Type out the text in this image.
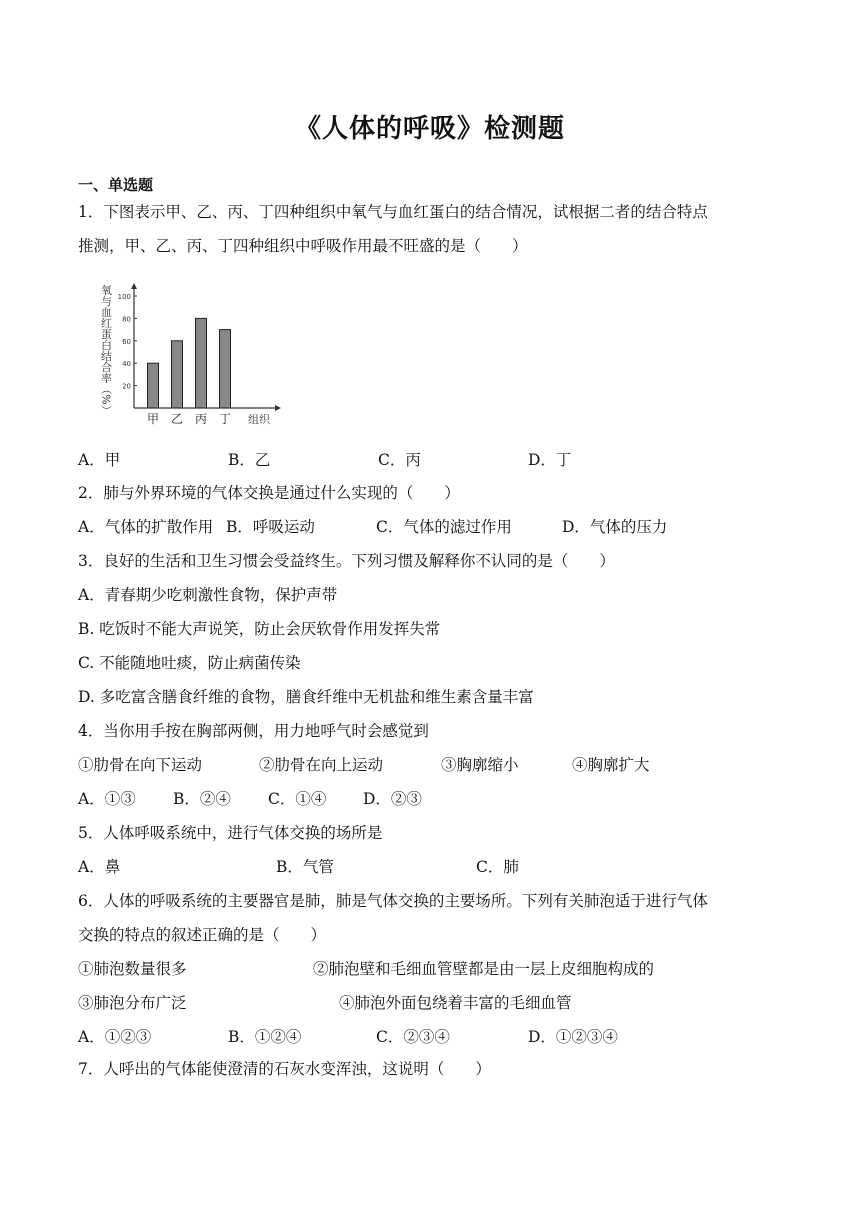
《人体的呼吸》检测题
一、单选题
1．下图表示甲、乙、丙、丁四种组织中氧气与血红蛋白的结合情况，试根据二者的结合特点
推测，甲、乙、丙、丁四种组织中呼吸作用最不旺盛的是（　　）
氧与血红蛋白结合率（%） 20
40
60
80
100
甲 乙 丙 丁 组织
A．甲	B．乙	C．丙	D．丁
2．肺与外界环境的气体交换是通过什么实现的（　　）
A．气体的扩散作用 B．呼吸运动	C．气体的滤过作用	D．气体的压力
3．良好的生活和卫生习惯会受益终生。下列习惯及解释你不认同的是（　　）
A．青春期少吃刺激性食物，保护声带
B. 吃饭时不能大声说笑，防止会厌软骨作用发挥失常
C. 不能随地吐痰，防止病菌传染
D. 多吃富含膳食纤维的食物，膳食纤维中无机盐和维生素含量丰富
4．当你用手按在胸部两侧，用力地呼气时会感觉到
①肋骨在向下运动	②肋骨在向上运动	③胸廓缩小	④胸廓扩大
A．①③ B．②④ C．①④ D．②③
5．人体呼吸系统中，进行气体交换的场所是
A．鼻	B．气管	C．肺
6．人体的呼吸系统的主要器官是肺，肺是气体交换的主要场所。下列有关肺泡适于进行气体
交换的特点的叙述正确的是（　　）
①肺泡数量很多	②肺泡壁和毛细血管壁都是由一层上皮细胞构成的
③肺泡分布广泛	④肺泡外面包绕着丰富的毛细血管
A．①②③	B．①②④	C．②③④	D．①②③④
7．人呼出的气体能使澄清的石灰水变浑浊，这说明（　　）
